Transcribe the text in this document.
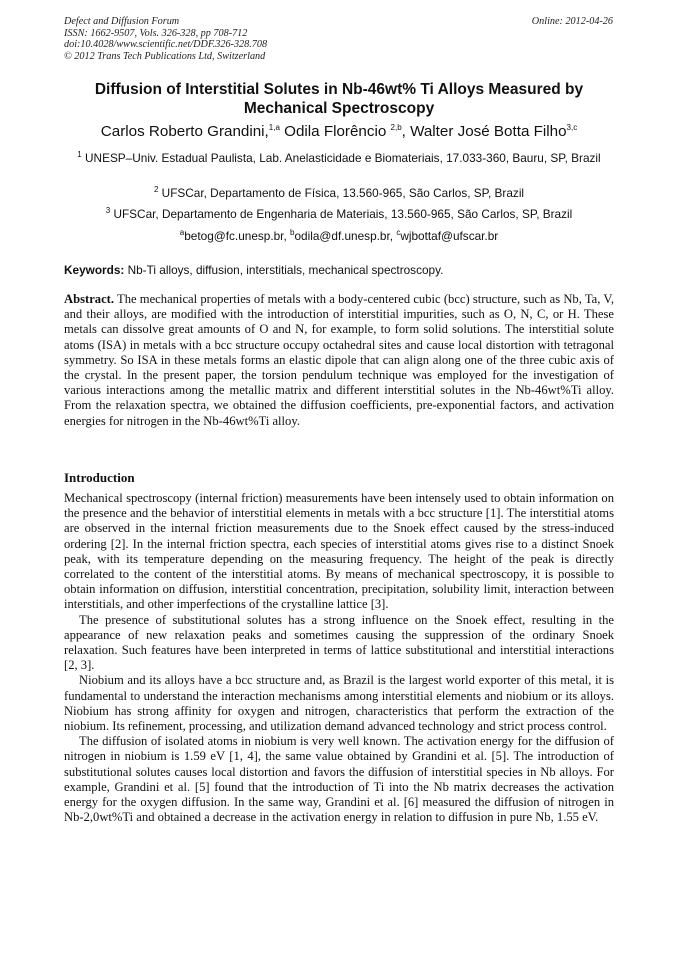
Defect and Diffusion Forum
ISSN: 1662-9507, Vols. 326-328, pp 708-712
doi:10.4028/www.scientific.net/DDF.326-328.708
© 2012 Trans Tech Publications Ltd, Switzerland
Online: 2012-04-26
Diffusion of Interstitial Solutes in Nb-46wt% Ti Alloys Measured by Mechanical Spectroscopy
Carlos Roberto Grandini,$^{1,a}$ Odila Florêncio $^{2,b}$, Walter José Botta Filho$^{3,c}$
$^1$ UNESP–Univ. Estadual Paulista, Lab. Anelasticidade e Biomateriais, 17.033-360, Bauru, SP, Brazil
$^2$ UFSCar, Departamento de Física, 13.560-965, São Carlos, SP, Brazil
$^3$ UFSCar, Departamento de Engenharia de Materiais, 13.560-965, São Carlos, SP, Brazil
$^a$betog@fc.unesp.br, $^b$odila@df.unesp.br, $^c$wjbottaf@ufscar.br
Keywords: Nb-Ti alloys, diffusion, interstitials, mechanical spectroscopy.
Abstract. The mechanical properties of metals with a body-centered cubic (bcc) structure, such as Nb, Ta, V, and their alloys, are modified with the introduction of interstitial impurities, such as O, N, C, or H. These metals can dissolve great amounts of O and N, for example, to form solid solutions. The interstitial solute atoms (ISA) in metals with a bcc structure occupy octahedral sites and cause local distortion with tetragonal symmetry. So ISA in these metals forms an elastic dipole that can align along one of the three cubic axis of the crystal. In the present paper, the torsion pendulum technique was employed for the investigation of various interactions among the metallic matrix and different interstitial solutes in the Nb-46wt%Ti alloy. From the relaxation spectra, we obtained the diffusion coefficients, pre-exponential factors, and activation energies for nitrogen in the Nb-46wt%Ti alloy.
Introduction

Mechanical spectroscopy (internal friction) measurements have been intensely used to obtain information on the presence and the behavior of interstitial elements in metals with a bcc structure [1]. The interstitial atoms are observed in the internal friction measurements due to the Snoek effect caused by the stress-induced ordering [2]. In the internal friction spectra, each species of interstitial atoms gives rise to a distinct Snoek peak, with its temperature depending on the measuring frequency. The height of the peak is directly correlated to the content of the interstitial atoms. By means of mechanical spectroscopy, it is possible to obtain information on diffusion, interstitial concentration, precipitation, solubility limit, interaction between interstitials, and other imperfections of the crystalline lattice [3].

The presence of substitutional solutes has a strong influence on the Snoek effect, resulting in the appearance of new relaxation peaks and sometimes causing the suppression of the ordinary Snoek relaxation. Such features have been interpreted in terms of lattice substitutional and interstitial interactions [2, 3].

Niobium and its alloys have a bcc structure and, as Brazil is the largest world exporter of this metal, it is fundamental to understand the interaction mechanisms among interstitial elements and niobium or its alloys. Niobium has strong affinity for oxygen and nitrogen, characteristics that perform the extraction of the niobium. Its refinement, processing, and utilization demand advanced technology and strict process control.

The diffusion of isolated atoms in niobium is very well known. The activation energy for the diffusion of nitrogen in niobium is 1.59 eV [1, 4], the same value obtained by Grandini et al. [5]. The introduction of substitutional solutes causes local distortion and favors the diffusion of interstitial species in Nb alloys. For example, Grandini et al. [5] found that the introduction of Ti into the Nb matrix decreases the activation energy for the oxygen diffusion. In the same way, Grandini et al. [6] measured the diffusion of nitrogen in Nb-2,0wt%Ti and obtained a decrease in the activation energy in relation to diffusion in pure Nb, 1.55 eV.
